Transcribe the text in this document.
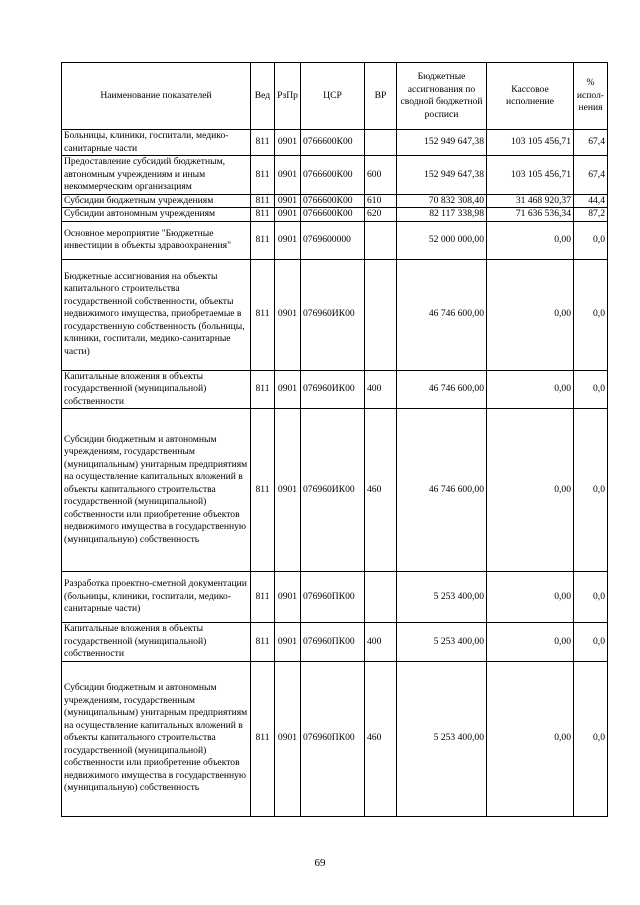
Наименование показателей	Вед	РзПр	ЦСР	ВР	Бюджетные ассигнования по сводной бюджетной росписи	Кассовое исполнение	% испол-нения
Больницы, клиники, госпитали, медико-санитарные части	811	0901	0766600К00		152 949 647,38	103 105 456,71	67,4
Предоставление субсидий бюджетным, автономным учреждениям и иным некоммерческим организациям	811	0901	0766600К00	600	152 949 647,38	103 105 456,71	67,4
Субсидии бюджетным учреждениям	811	0901	0766600К00	610	70 832 308,40	31 468 920,37	44,4
Субсидии автономным учреждениям	811	0901	0766600К00	620	82 117 338,98	71 636 536,34	87,2
Основное мероприятие "Бюджетные инвестиции в объекты здравоохранения"	811	0901	0769600000		52 000 000,00	0,00	0,0
Бюджетные ассигнования на объекты капитального строительства государственной собственности, объекты недвижимого имущества, приобретаемые в государственную собственность (больницы, клиники, госпитали, медико-санитарные части)	811	0901	076960ИК00		46 746 600,00	0,00	0,0
Капитальные вложения в объекты государственной (муниципальной) собственности	811	0901	076960ИК00	400	46 746 600,00	0,00	0,0
Субсидии бюджетным и автономным учреждениям, государственным (муниципальным) унитарным предприятиям на осуществление капитальных вложений в объекты капитального строительства государственной (муниципальной) собственности или приобретение объектов недвижимого имущества в государственную (муниципальную) собственность	811	0901	076960ИК00	460	46 746 600,00	0,00	0,0
Разработка проектно-сметной документации (больницы, клиники, госпитали, медико-санитарные части)	811	0901	076960ПК00		5 253 400,00	0,00	0,0
Капитальные вложения в объекты государственной (муниципальной) собственности	811	0901	076960ПК00	400	5 253 400,00	0,00	0,0
Субсидии бюджетным и автономным учреждениям, государственным (муниципальным) унитарным предприятиям на осуществление капитальных вложений в объекты капитального строительства государственной (муниципальной) собственности или приобретение объектов недвижимого имущества в государственную (муниципальную) собственность	811	0901	076960ПК00	460	5 253 400,00	0,00	0,0
69
